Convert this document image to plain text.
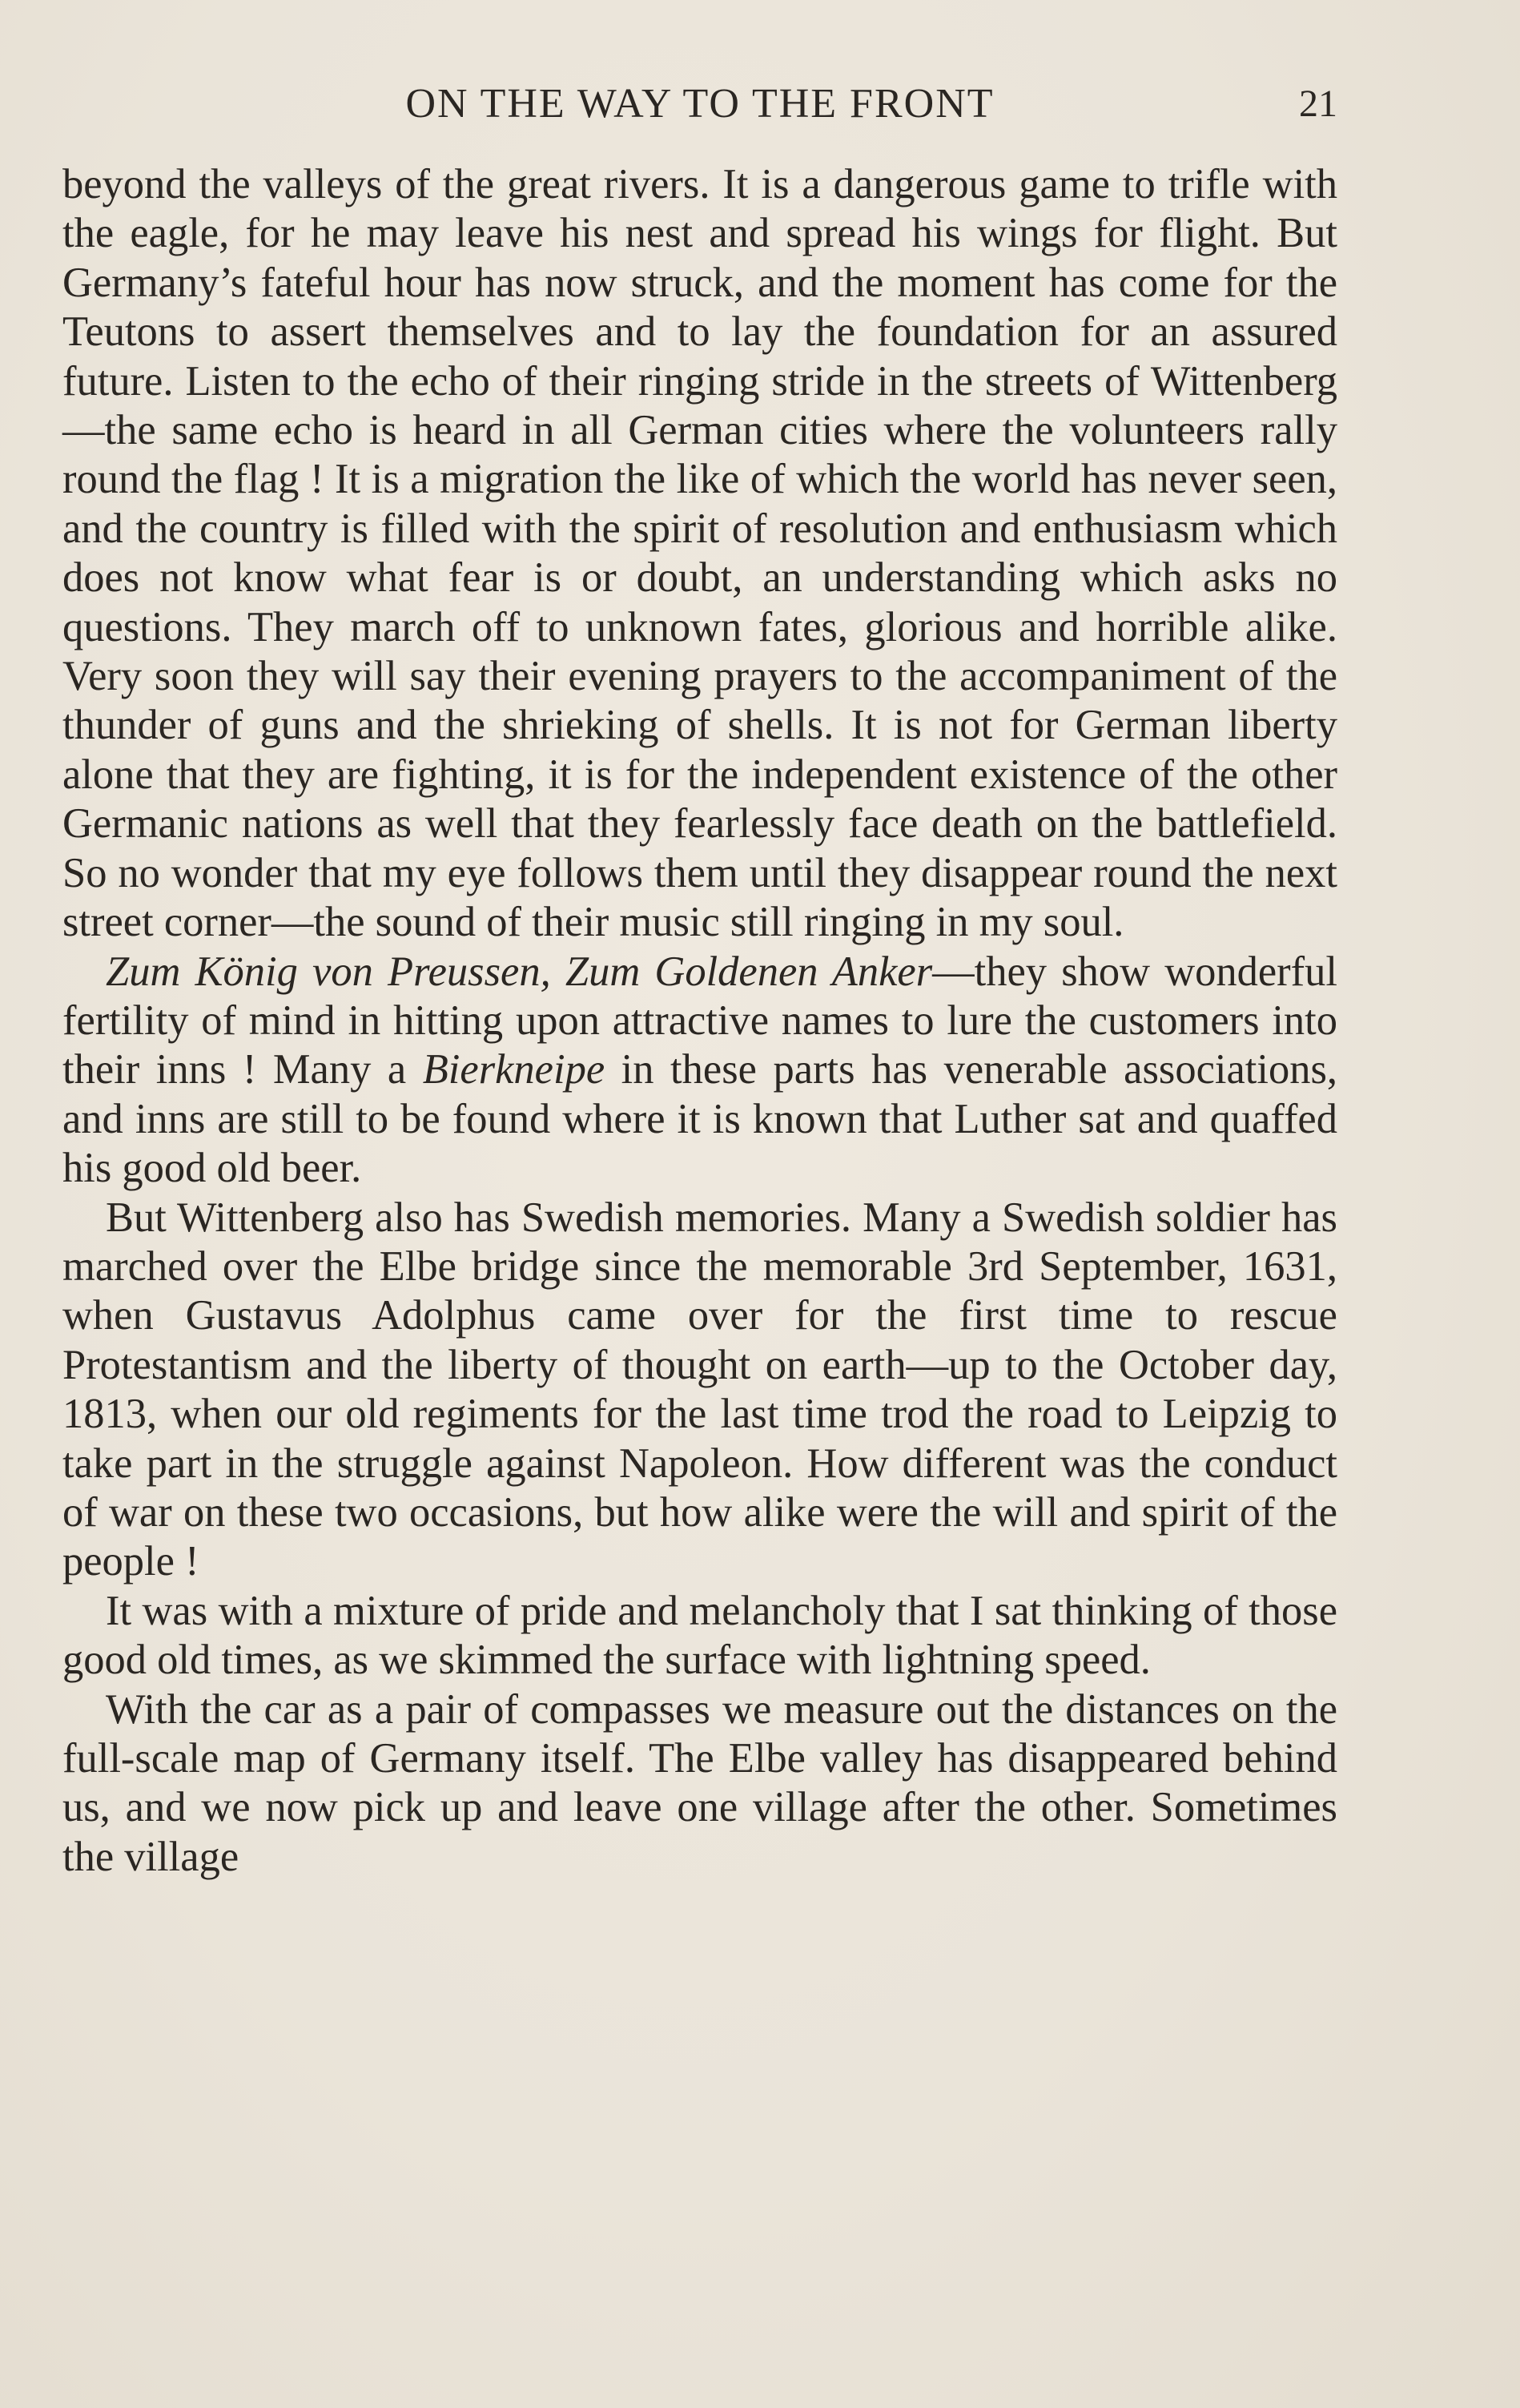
ON THE WAY TO THE FRONT	21

beyond the valleys of the great rivers. It is a dangerous game to trifle with the eagle, for he may leave his nest and spread his wings for flight. But Germany’s fateful hour has now struck, and the moment has come for the Teutons to assert themselves and to lay the foundation for an assured future. Listen to the echo of their ringing stride in the streets of Wittenberg—the same echo is heard in all German cities where the volunteers rally round the flag ! It is a migration the like of which the world has never seen, and the country is filled with the spirit of resolution and enthusiasm which does not know what fear is or doubt, an understanding which asks no questions. They march off to unknown fates, glorious and horrible alike. Very soon they will say their evening prayers to the accompaniment of the thunder of guns and the shrieking of shells. It is not for German liberty alone that they are fighting, it is for the independent existence of the other Germanic nations as well that they fearlessly face death on the battlefield. So no wonder that my eye follows them until they disappear round the next street corner—the sound of their music still ringing in my soul.

Zum König von Preussen, Zum Goldenen Anker—they show wonderful fertility of mind in hitting upon attractive names to lure the customers into their inns ! Many a Bierkneipe in these parts has venerable associations, and inns are still to be found where it is known that Luther sat and quaffed his good old beer.

But Wittenberg also has Swedish memories. Many a Swedish soldier has marched over the Elbe bridge since the memorable 3rd September, 1631, when Gustavus Adolphus came over for the first time to rescue Protestantism and the liberty of thought on earth—up to the October day, 1813, when our old regiments for the last time trod the road to Leipzig to take part in the struggle against Napoleon. How different was the conduct of war on these two occasions, but how alike were the will and spirit of the people !

It was with a mixture of pride and melancholy that I sat thinking of those good old times, as we skimmed the surface with lightning speed.

With the car as a pair of compasses we measure out the distances on the full-scale map of Germany itself. The Elbe valley has disappeared behind us, and we now pick up and leave one village after the other. Sometimes the village
